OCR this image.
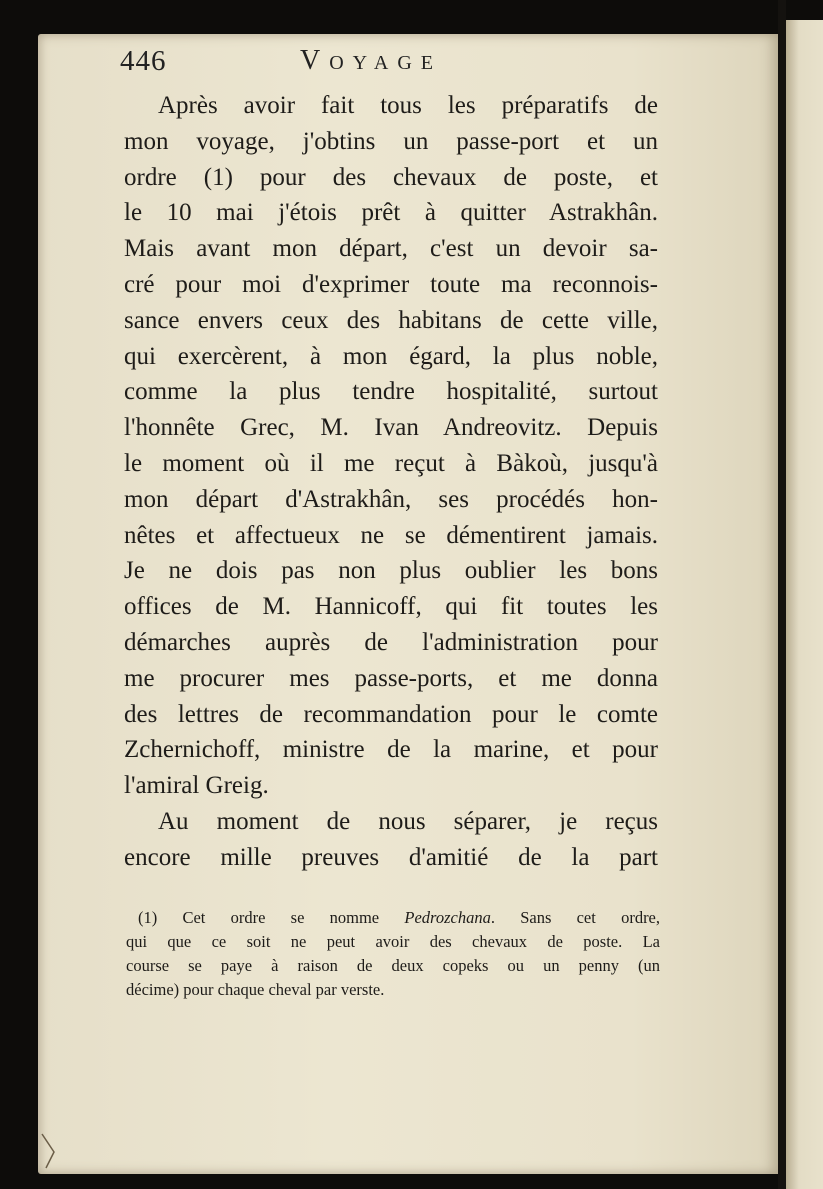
446	Voyage
Après avoir fait tous les préparatifs de
mon voyage, j'obtins un passe-port et un
ordre (1) pour des chevaux de poste, et
le 10 mai j'étois prêt à quitter Astrakhân.
Mais avant mon départ, c'est un devoir sa-
cré pour moi d'exprimer toute ma reconnois-
sance envers ceux des habitans de cette ville,
qui exercèrent, à mon égard, la plus noble,
comme la plus tendre hospitalité, surtout
l'honnête Grec, M. Ivan Andreovitz. Depuis
le moment où il me reçut à Bàkoù, jusqu'à
mon départ d'Astrakhân, ses procédés hon-
nêtes et affectueux ne se démentirent jamais.
Je ne dois pas non plus oublier les bons
offices de M. Hannicoff, qui fit toutes les
démarches auprès de l'administration pour
me procurer mes passe-ports, et me donna
des lettres de recommandation pour le comte
Zchernichoff, ministre de la marine, et pour
l'amiral Greig.
Au moment de nous séparer, je reçus
encore mille preuves d'amitié de la part
(1) Cet ordre se nomme Pedrozchana. Sans cet ordre,
qui que ce soit ne peut avoir des chevaux de poste. La
course se paye à raison de deux copeks ou un penny (un
décime) pour chaque cheval par verste.
